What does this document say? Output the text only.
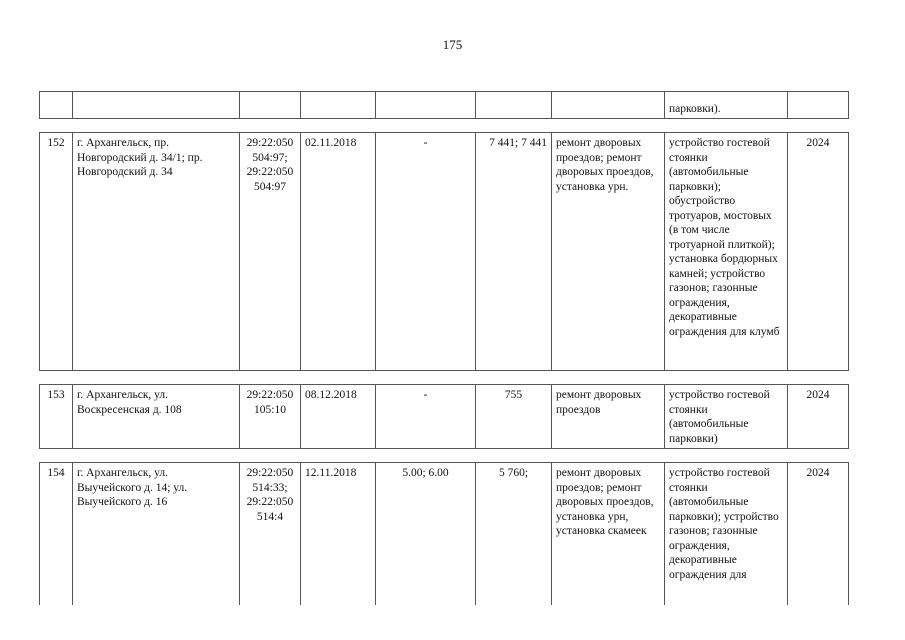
175
							парковки).	

152	г. Архангельск, пр. Новгородский д. 34/1; пр. Новгородский д. 34	29:22:050 504:97; 29:22:050 504:97	02.11.2018	-	7 441; 7 441	ремонт дворовых проездов; ремонт дворовых проездов, установка урн.	устройство гостевой стоянки (автомобильные парковки); обустройство тротуаров, мостовых (в том числе тротуарной плиткой); установка бордюрных камней; устройство газонов; газонные ограждения, декоративные ограждения для клумб	2024

153	г. Архангельск, ул. Воскресенская д. 108	29:22:050 105:10	08.12.2018	-	755	ремонт дворовых проездов	устройство гостевой стоянки (автомобильные парковки)	2024

154	г. Архангельск, ул. Выучейского д. 14; ул. Выучейского д. 16	29:22:050 514:33; 29:22:050 514:4	12.11.2018	5.00; 6.00	5 760;	ремонт дворовых проездов; ремонт дворовых проездов, установка урн, установка скамеек	устройство гостевой стоянки (автомобильные парковки); устройство газонов; газонные ограждения, декоративные ограждения для	2024
